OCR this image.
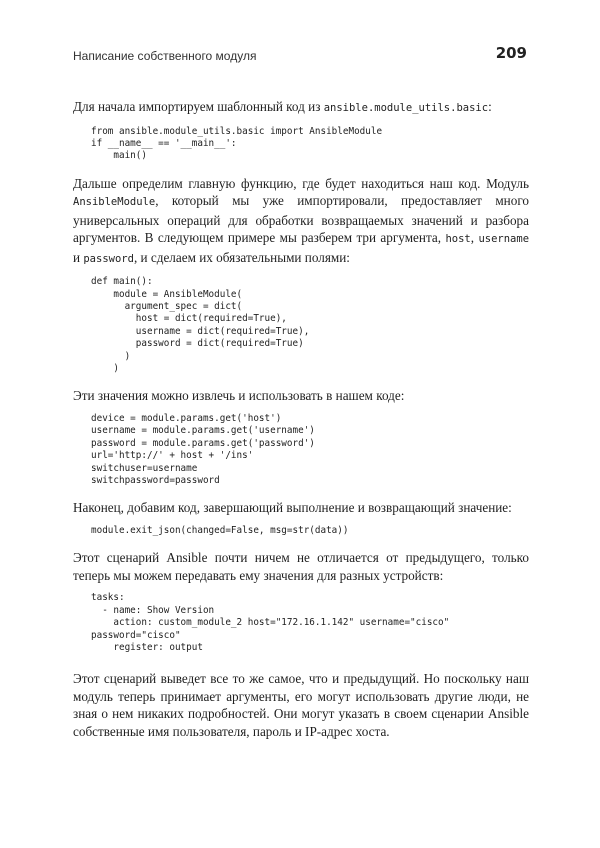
Написание собственного модуля	209

Для начала импортируем шаблонный код из ansible.module_utils.basic:

from ansible.module_utils.basic import AnsibleModule
if __name__ == '__main__':
main()

Дальше определим главную функцию, где будет находиться наш код. Модуль AnsibleModule, который мы уже импортировали, предоставляет много универсальных операций для обработки возвращаемых значений и разбора аргументов. В следующем примере мы разберем три аргумента, host, username и password, и сделаем их обязательными полями:

def main():
module = AnsibleModule(
argument_spec = dict(
host = dict(required=True),
username = dict(required=True),
password = dict(required=True)
)
)

Эти значения можно извлечь и использовать в нашем коде:

device = module.params.get('host')
username = module.params.get('username')
password = module.params.get('password')
url='http://' + host + '/ins'
switchuser=username
switchpassword=password

Наконец, добавим код, завершающий выполнение и возвращающий значение:

module.exit_json(changed=False, msg=str(data))

Этот сценарий Ansible почти ничем не отличается от предыдущего, только теперь мы можем передавать ему значения для разных устройств:

tasks:
- name: Show Version
action: custom_module_2 host="172.16.1.142" username="cisco"
password="cisco"
register: output

Этот сценарий выведет все то же самое, что и предыдущий. Но поскольку наш модуль теперь принимает аргументы, его могут использовать другие люди, не зная о нем никаких подробностей. Они могут указать в своем сценарии Ansible собственные имя пользователя, пароль и IP-адрес хоста.
